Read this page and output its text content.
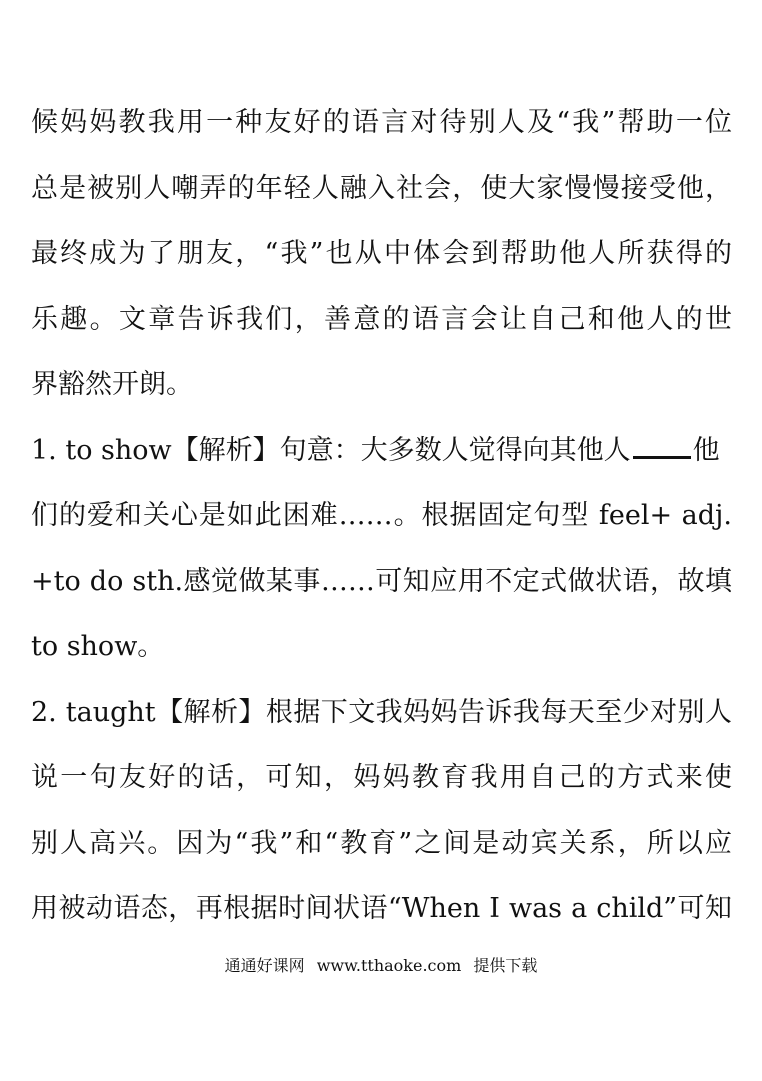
候妈妈教我用一种友好的语言对待别人及“我”帮助一位
总是被别人嘲弄的年轻人融入社会，使大家慢慢接受他，
最终成为了朋友，“我”也从中体会到帮助他人所获得的
乐趣。文章告诉我们，善意的语言会让自己和他人的世
界豁然开朗。
1. to show【解析】句意：大多数人觉得向其他人 他
们的爱和关心是如此困难……。根据固定句型 feel+ adj.
+to do sth.感觉做某事……可知应用不定式做状语，故填
to show。
2. taught【解析】根据下文我妈妈告诉我每天至少对别人
说一句友好的话，可知，妈妈教育我用自己的方式来使
别人高兴。因为“我”和“教育”之间是动宾关系，所以应
用被动语态，再根据时间状语“When I was a child”可知
通通好课网 www.tthaoke.com 提供下载
